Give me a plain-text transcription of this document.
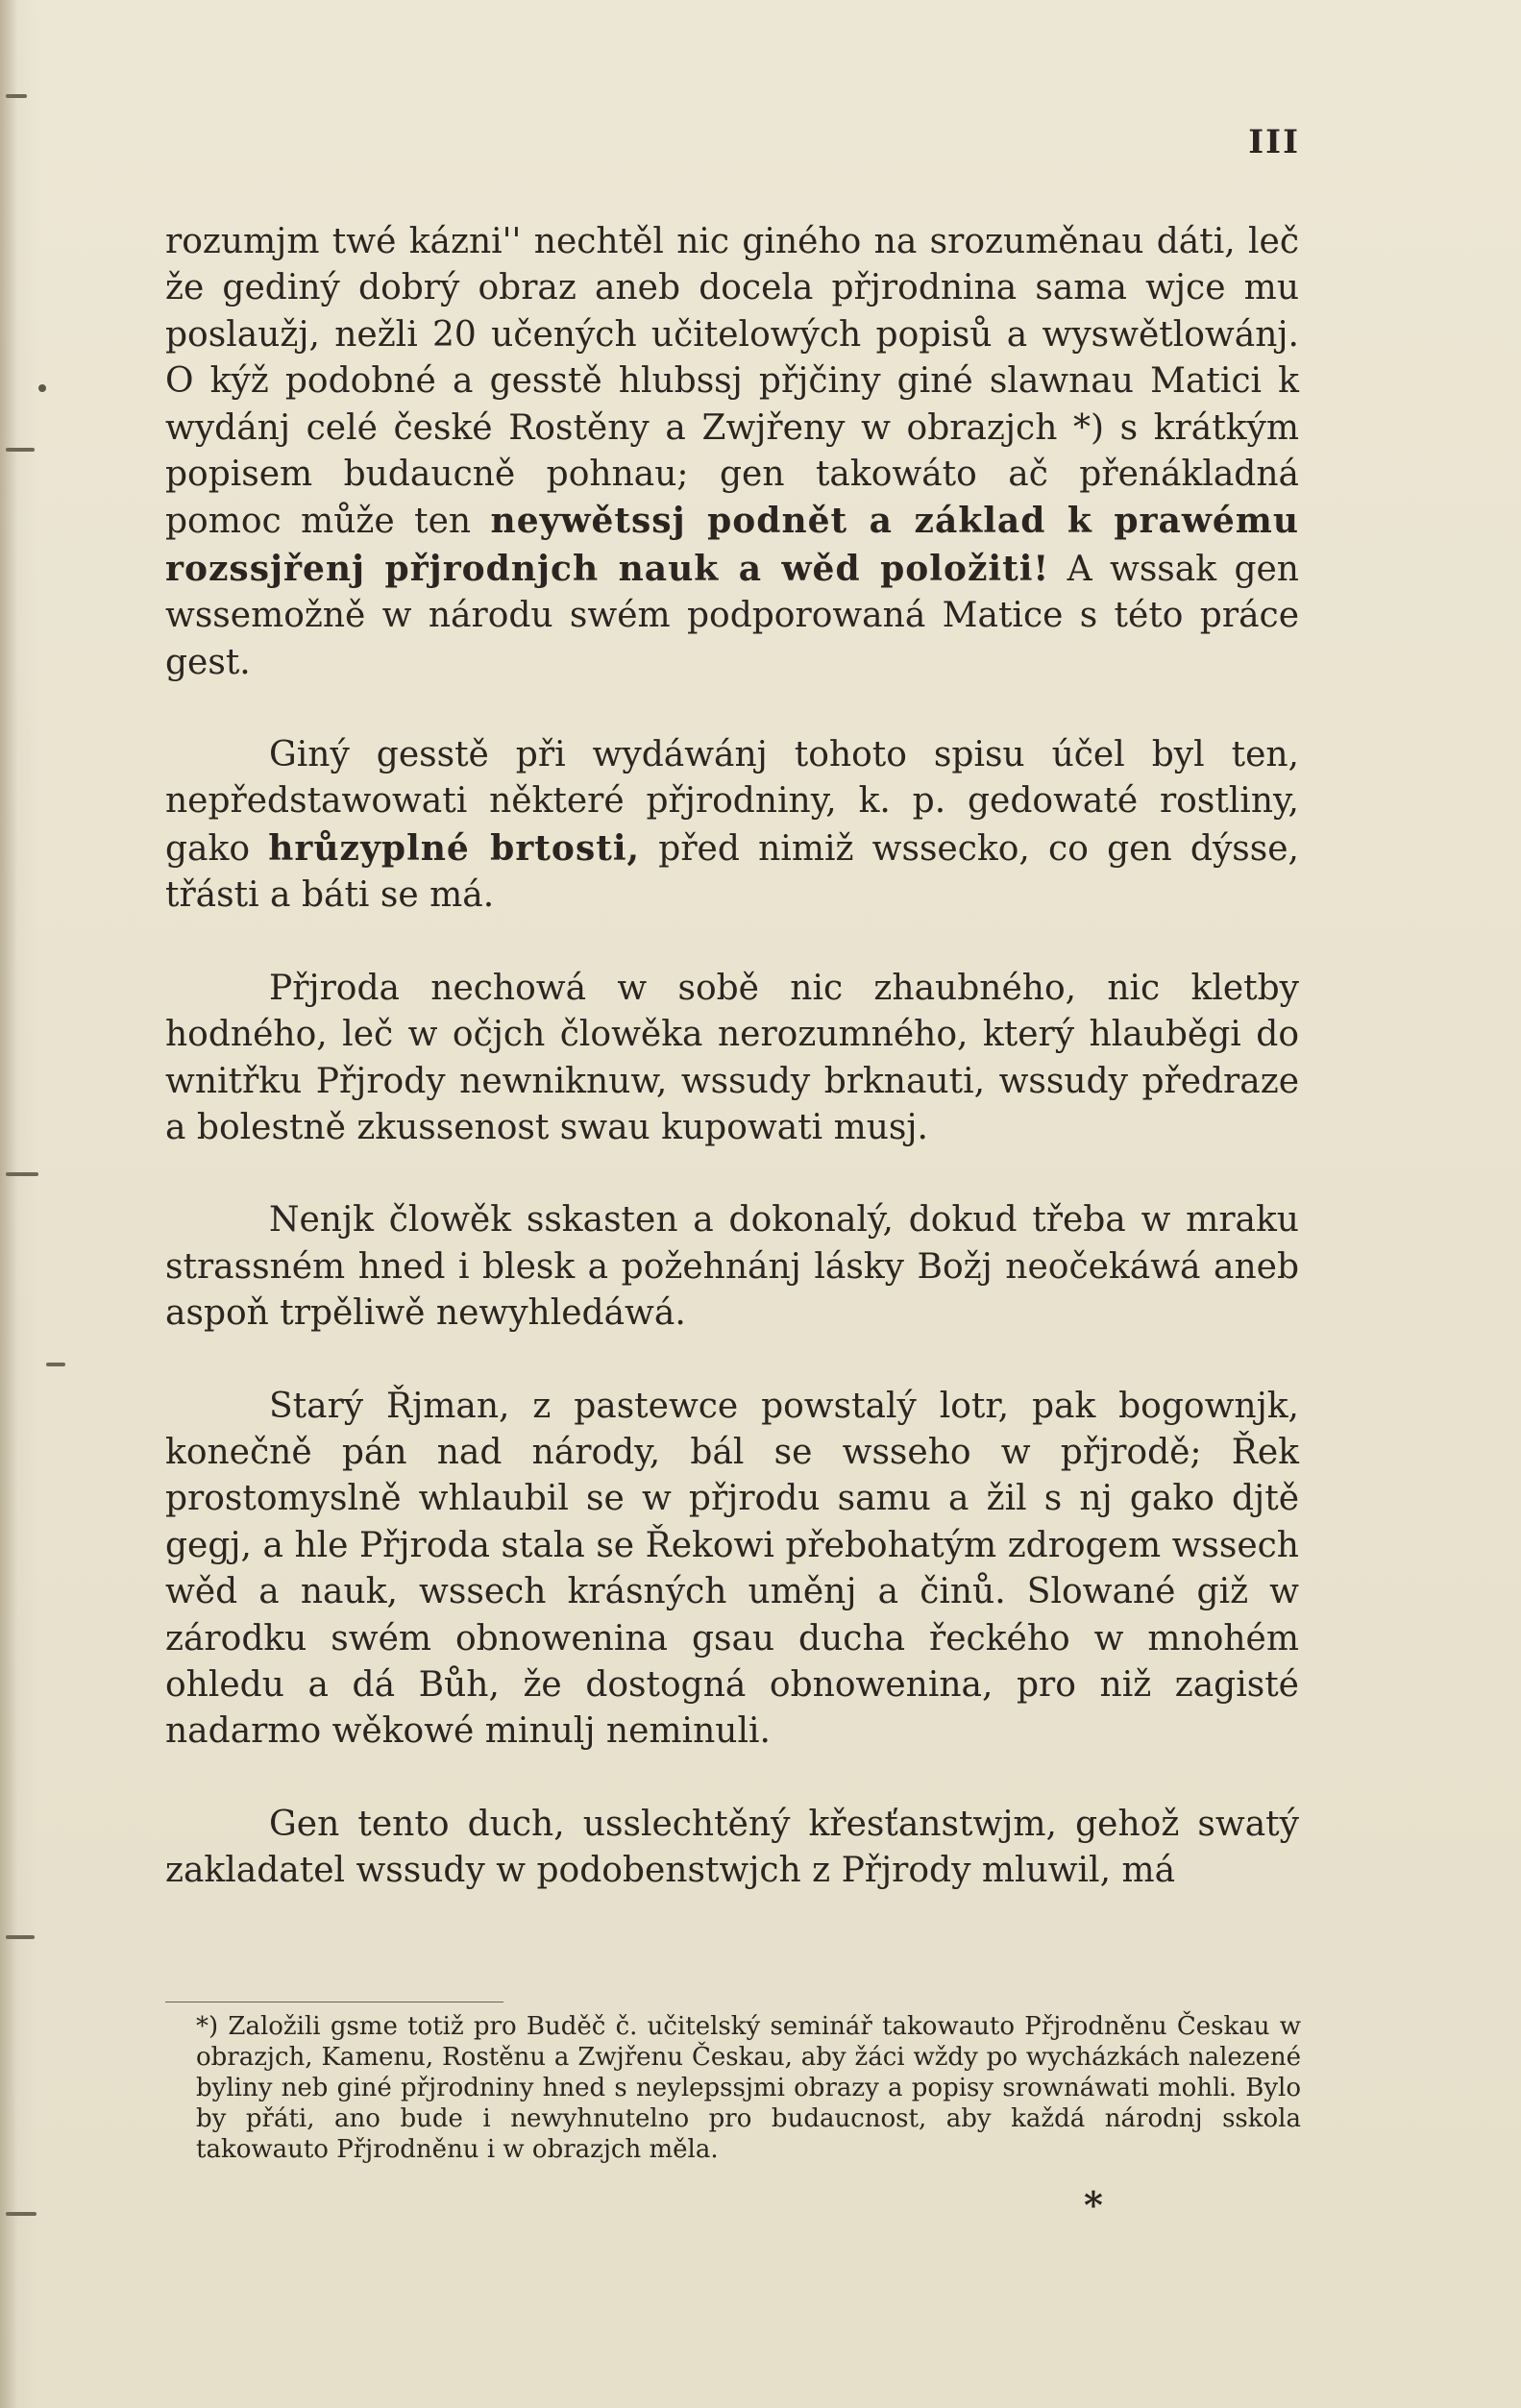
III

rozumjm twé kázni'' nechtěl nic giného na srozuměnau dáti, leč že gediný dobrý obraz aneb docela přjrodnina sama wjce mu poslaužj, nežli 20 učených učitelowých popisů a wyswětlowánj. O kýž podobné a gesstě hlubssj přjčiny giné slawnau Matici k wydánj celé české Rostěny a Zwjřeny w obrazjch *) s krátkým popisem budaucně pohnau; gen takowáto ač přenákladná pomoc může ten neywětssj podnět a základ k prawému rozssjřenj přjrodnjch nauk a wěd položiti! A wssak gen wssemožně w národu swém podporowaná Matice s této práce gest.

Giný gesstě při wydáwánj tohoto spisu účel byl ten, nepředstawowati některé přjrodniny, k. p. gedowaté rostliny, gako hrůzyplné brtosti, před nimiž wssecko, co gen dýsse, třásti a báti se má.

Přjroda nechowá w sobě nic zhaubného, nic kletby hodného, leč w očjch člowěka nerozumného, který hlauběgi do wnitřku Přjrody newniknuw, wssudy brknauti, wssudy předraze a bolestně zkussenost swau kupowati musj.

Nenjk člowěk sskasten a dokonalý, dokud třeba w mraku strassném hned i blesk a požehnánj lásky Božj neočekáwá aneb aspoň trpěliwě newyhledáwá.

Starý Řjman, z pastewce powstalý lotr, pak bogownjk, konečně pán nad národy, bál se wsseho w přjrodě; Řek prostomyslně whlaubil se w přjrodu samu a žil s nj gako djtě gegj, a hle Přjroda stala se Řekowi přebohatým zdrogem wssech wěd a nauk, wssech krásných uměnj a činů. Slowané giž w zárodku swém obnowenina gsau ducha řeckého w mnohém ohledu a dá Bůh, že dostogná obnowenina, pro niž zagisté nadarmo wěkowé minulj neminuli.

Gen tento duch, usslechtěný křesťanstwjm, gehož swatý zakladatel wssudy w podobenstwjch z Přjrody mluwil, má

*) Založili gsme totiž pro Buděč č. učitelský seminář takowauto Přjrodněnu Českau w obrazjch, Kamenu, Rostěnu a Zwjřenu Českau, aby žáci wždy po wycházkách nalezené byliny neb giné přjrodniny hned s neylepssjmi obrazy a popisy srownáwati mohli. Bylo by přáti, ano bude i newyhnutelno pro budaucnost, aby každá národnj sskola takowauto Přjrodněnu i w obrazjch měla.

*
